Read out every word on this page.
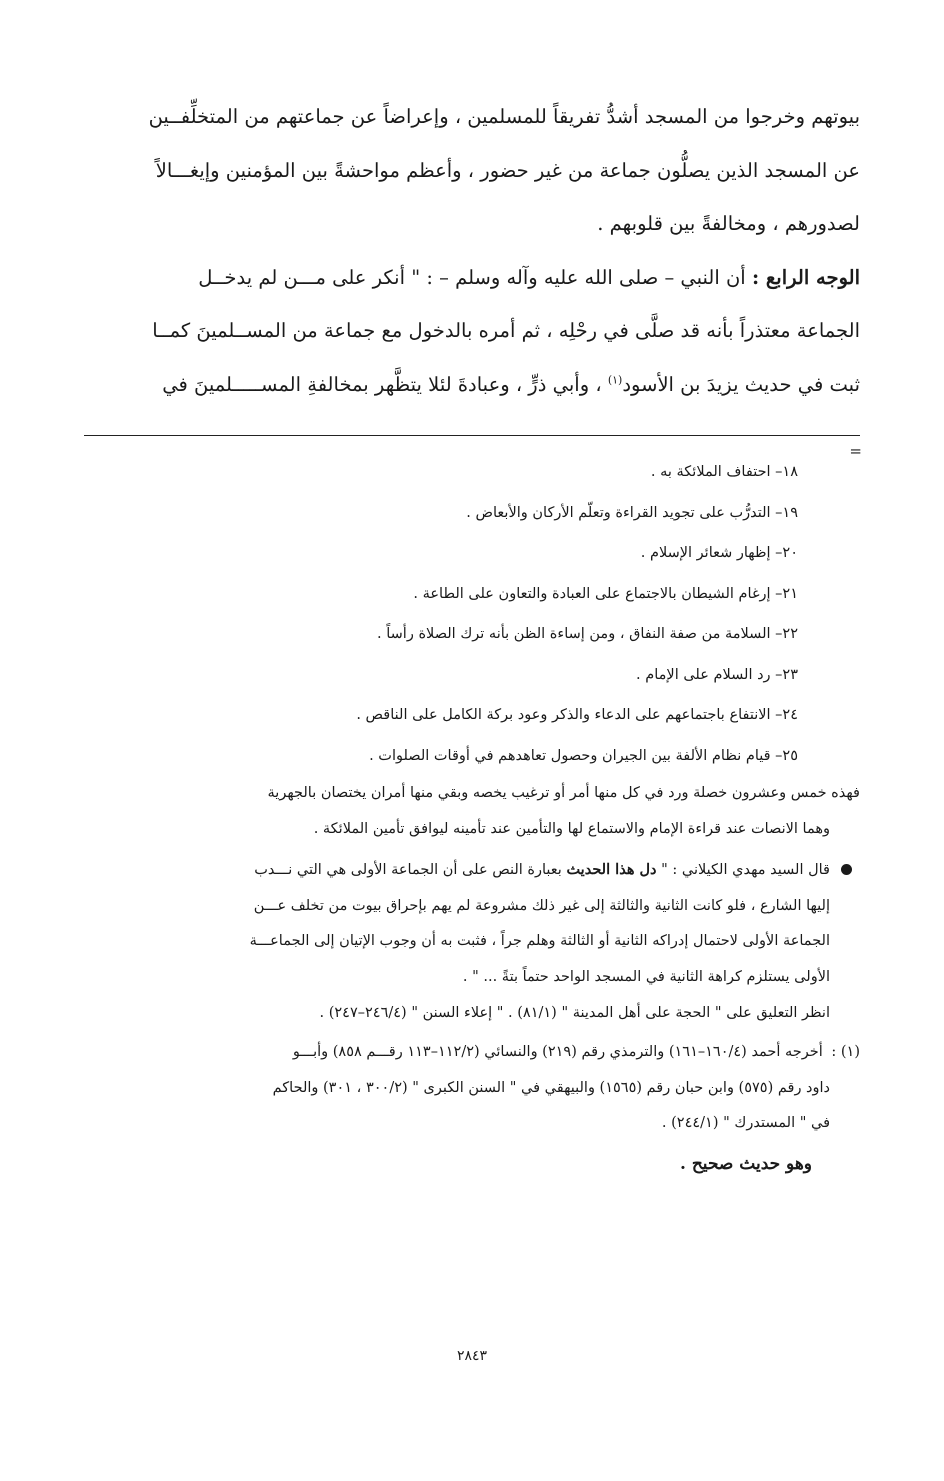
بيوتهم وخرجوا من المسجد أشدُّ تفريقاً للمسلمين ، وإعراضاً عن جماعتهم من المتخلِّفــين

عن المسجد الذين يصلُّون جماعة من غير حضور ، وأعظم مواحشةً بين المؤمنين وإيغـــالاً

لصدورهم ، ومخالفةً بين قلوبهم .

الوجه الرابع : أن النبي – صلى الله عليه وآله وسلم – : " أنكر على مـــن لم يدخــل

الجماعة معتذراً بأنه قد صلَّى في رحْلِه ، ثم أمره بالدخول مع جماعة من المســلمينَ كمــا

ثبت في حديث يزيدَ بن الأسود$^{(١)}$ ، وأبي ذرٍّ ، وعبادةَ لئلا يتظَّهر بمخالفةِ المســـــلمينَ في

=
١٨– احتفاف الملائكة به .
١٩– التدرُّب على تجويد القراءة وتعلّم الأركان والأبعاض .
٢٠– إظهار شعائر الإسلام .
٢١– إرغام الشيطان بالاجتماع على العبادة والتعاون على الطاعة .
٢٢– السلامة من صفة النفاق ، ومن إساءة الظن بأنه ترك الصلاة رأساً .
٢٣– رد السلام على الإمام .
٢٤– الانتفاع باجتماعهم على الدعاء والذكر وعود بركة الكامل على الناقص .
٢٥– قيام نظام الألفة بين الجيران وحصول تعاهدهم في أوقات الصلوات .

فهذه خمس وعشرون خصلة ورد في كل منها أمر أو ترغيب يخصه وبقي منها أمران يختصان بالجهرية

وهما الانصات عند قراءة الإمام والاستماع لها والتأمين عند تأمينه ليوافق تأمين الملائكة .

قال السيد مهدي الكيلاني : " دل هذا الحديث بعبارة النص على أن الجماعة الأولى هي التي نـــدب

إليها الشارع ، فلو كانت الثانية والثالثة إلى غير ذلك مشروعة لم يهم بإحراق بيوت من تخلف عـــن

الجماعة الأولى لاحتمال إدراكه الثانية أو الثالثة وهلم جراً ، فثبت به أن وجوب الإتيان إلى الجماعـــة

الأولى يستلزم كراهة الثانية في المسجد الواحد حتماً بتةً ... " .

انظر التعليق على " الحجة على أهل المدينة " (٨١/١) . " إعلاء السنن " (٢٤٦/٤–٢٤٧) .

(١) : أخرجه أحمد (١٦٠/٤–١٦١) والترمذي رقم (٢١٩) والنسائي (١١٢/٢–١١٣ رقـــم ٨٥٨) وأبـــو

داود رقم (٥٧٥) وابن حبان رقم (١٥٦٥) والبيهقي في " السنن الكبرى " (٣٠٠/٢ ، ٣٠١) والحاكم

في " المستدرك " (٢٤٤/١) .

وهو حديث صحيح .
٢٨٤٣
